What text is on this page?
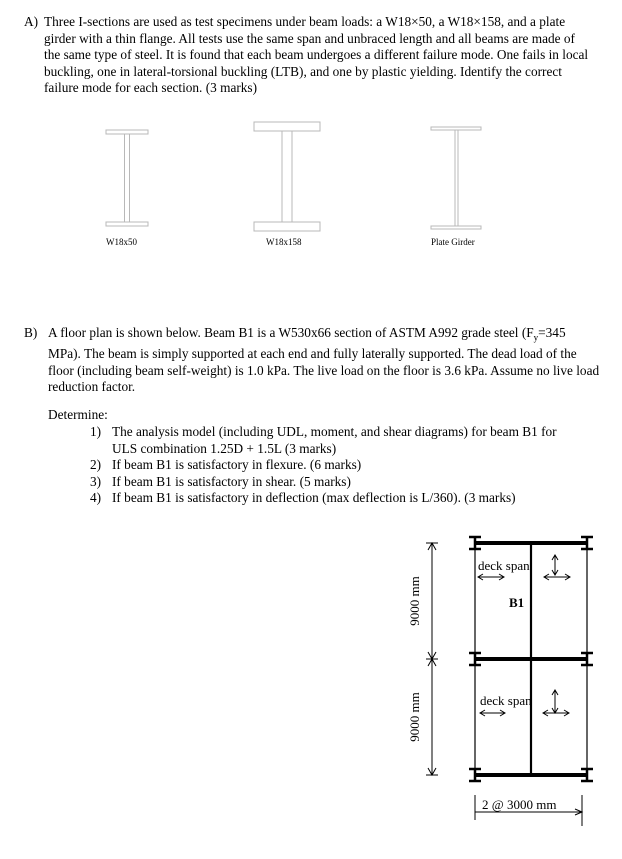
A) Three I-sections are used as test specimens under beam loads: a W18×50, a W18×158, and a plate girder with a thin flange. All tests use the same span and unbraced length and all beams are made of the same type of steel. It is found that each beam undergoes a different failure mode. One fails in local buckling, one in lateral-torsional buckling (LTB), and one by plastic yielding. Identify the correct failure mode for each section. (3 marks)
9000 mm
9000 mm
deck span
deck span
B1
2 @ 3000 mm
W18x50	W18x158	Plate Girder
B) A floor plan is shown below. Beam B1 is a W530x66 section of ASTM A992 grade steel ($F_y=345$ MPa). The beam is simply supported at each end and fully laterally supported. The dead load of the floor (including beam self-weight) is 1.0 kPa. The live load on the floor is 3.6 kPa. Assume no live load reduction factor.
Determine:
1) The analysis model (including UDL, moment, and shear diagrams) for beam B1 for
ULS combination 1.25D + 1.5L (3 marks)
2) If beam B1 is satisfactory in flexure. (6 marks)
3) If beam B1 is satisfactory in shear. (5 marks)
4) If beam B1 is satisfactory in deflection (max deflection is L/360). (3 marks)
